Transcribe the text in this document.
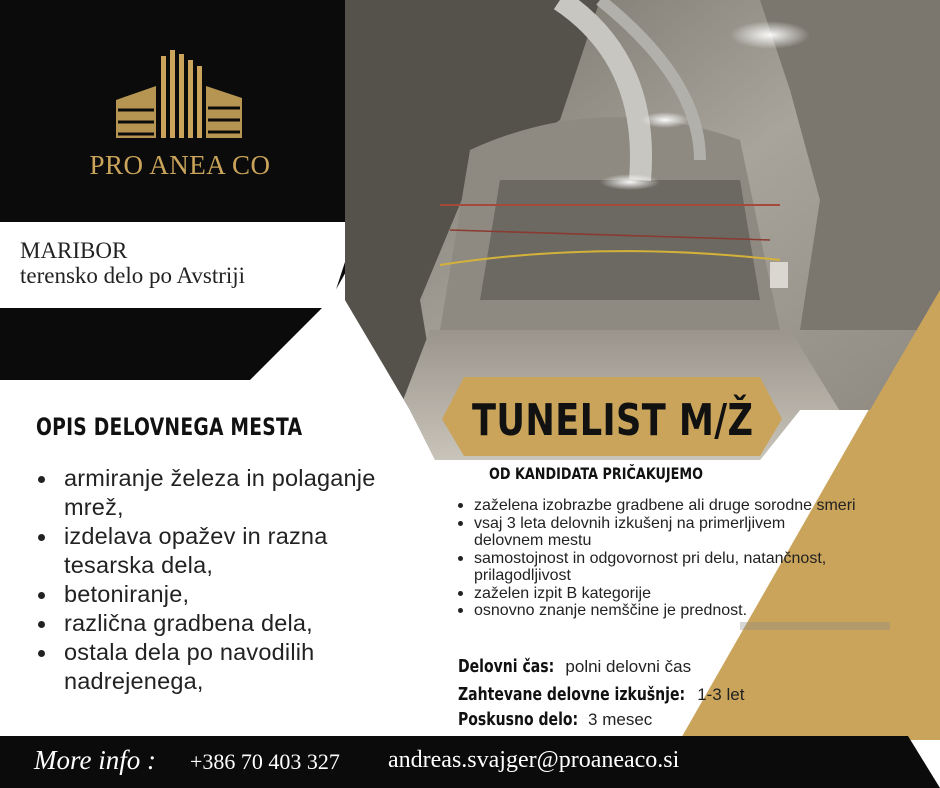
PRO ANEA CO
MARIBOR
terensko delo po Avstriji
TUNELIST M/Ž
OPIS DELOVNEGA MESTA
armiranje železa in polaganje mrež,
izdelava opažev in razna tesarska dela,
betoniranje,
različna gradbena dela,
ostala dela po navodilih nadrejenega,
OD KANDIDATA PRIČAKUJEMO
zaželena izobrazbe gradbene ali druge sorodne smeri
vsaj 3 leta delovnih izkušenj na primerljivem delovnem mestu
samostojnost in odgovornost pri delu, natančnost, prilagodljivost
zaželen izpit B kategorije
osnovno znanje nemščine je prednost.
Delovni čas: polni delovni čas
Zahtevane delovne izkušnje: 1-3 let
Poskusno delo: 3 mesec
More info : +386 70 403 327 andreas.svajger@proaneaco.si
